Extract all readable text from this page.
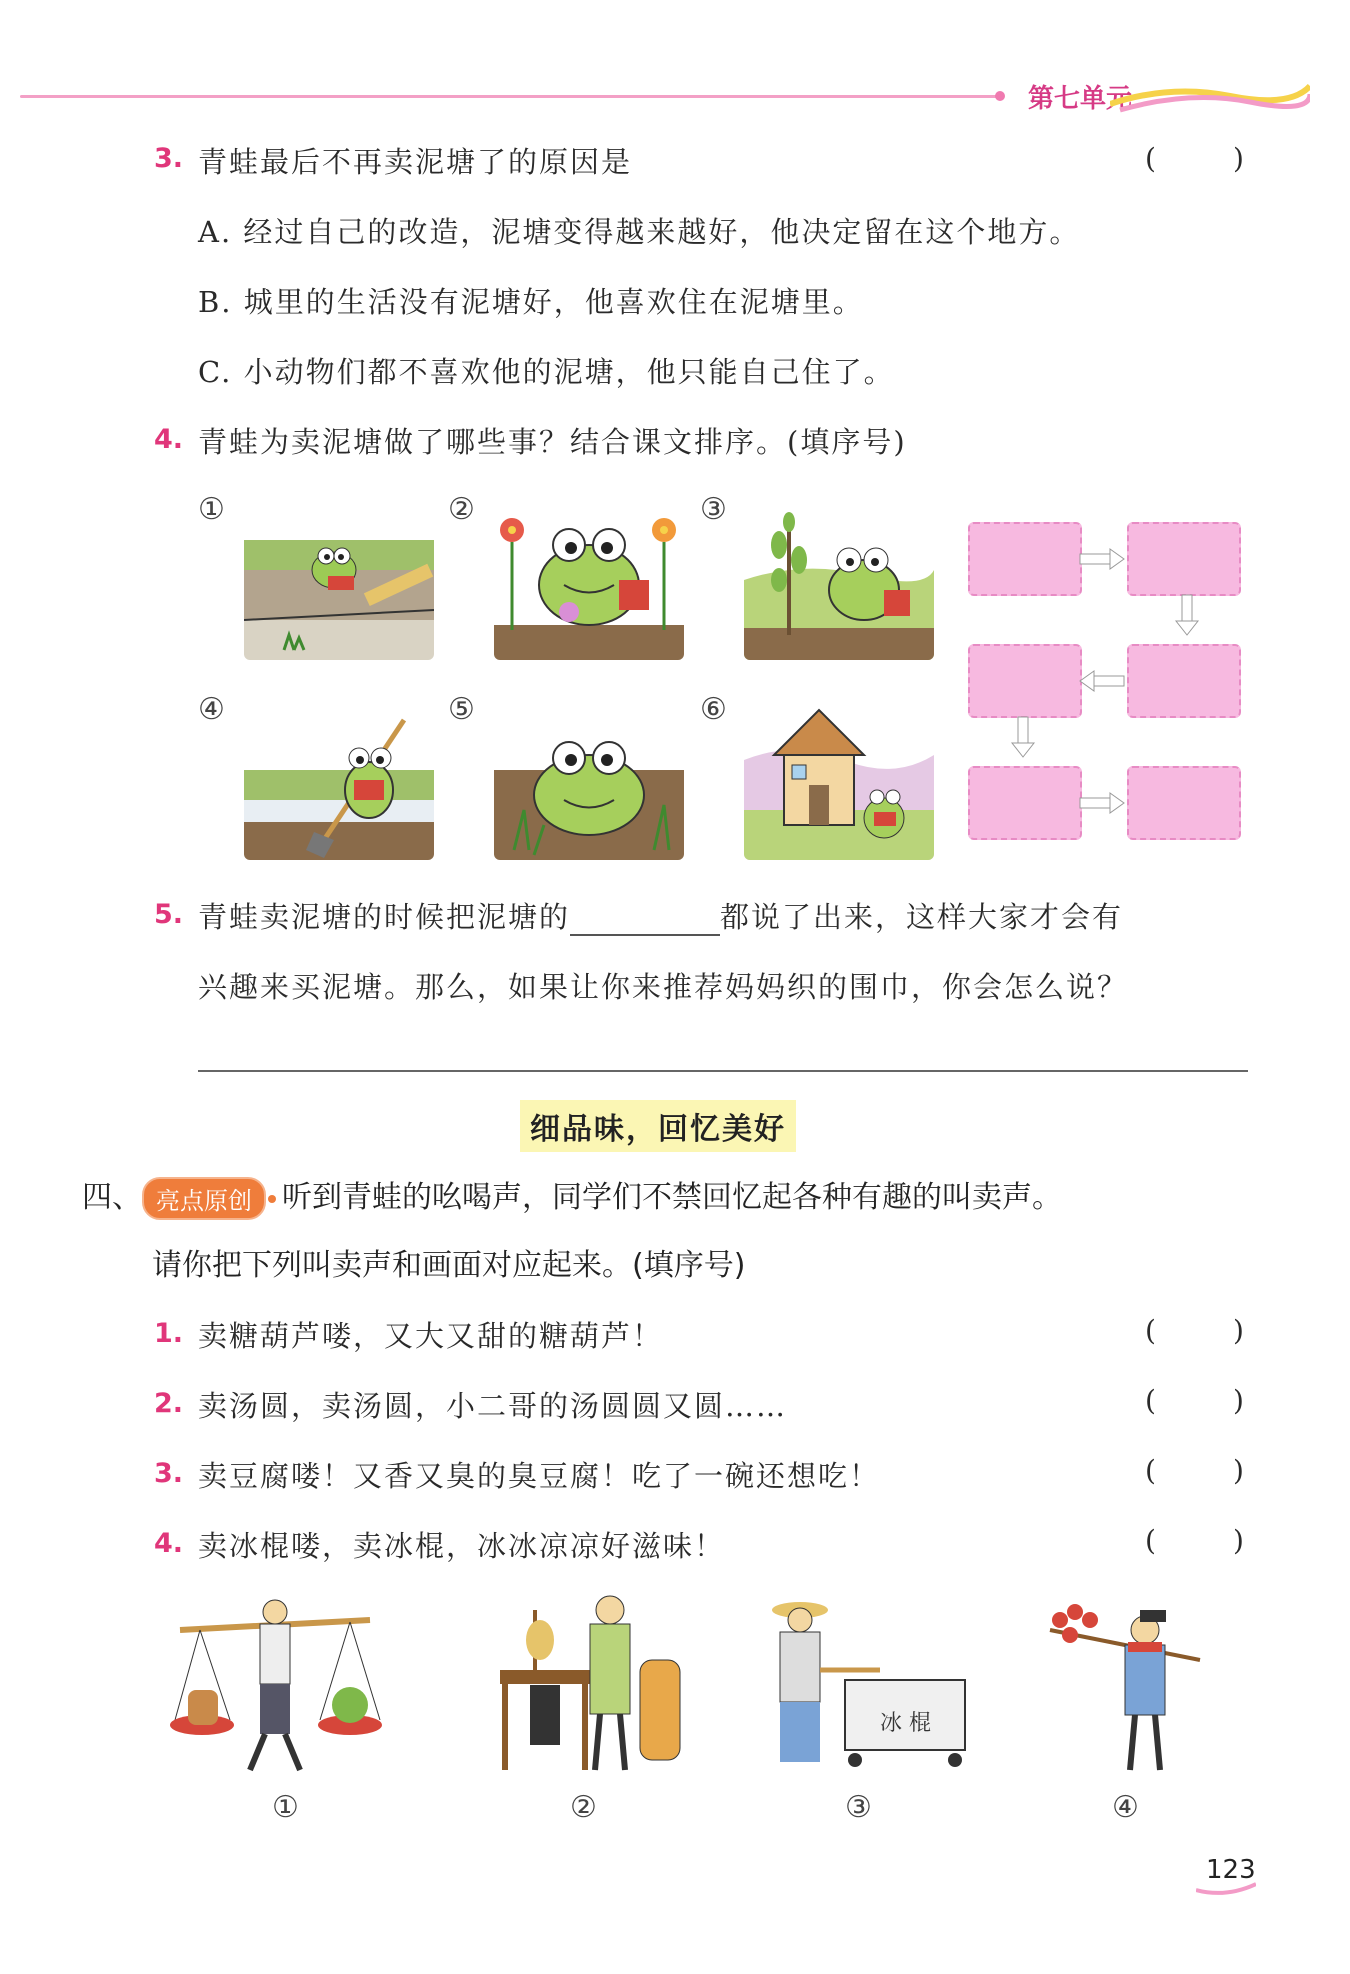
第七单元
3. 青蛙最后不再卖泥塘了的原因是	(	)
A. 经过自己的改造，泥塘变得越来越好，他决定留在这个地方。
B. 城里的生活没有泥塘好，他喜欢住在泥塘里。
C. 小动物们都不喜欢他的泥塘，他只能自己住了。
4. 青蛙为卖泥塘做了哪些事？结合课文排序。(填序号)
①	②	③
④	⑤	⑥
5. 青蛙卖泥塘的时候把泥塘的	都说了出来，这样大家才会有
兴趣来买泥塘。那么，如果让你来推荐妈妈织的围巾，你会怎么说？
细品味，回忆美好
四、 亮点原创 听到青蛙的吆喝声，同学们不禁回忆起各种有趣的叫卖声。
请你把下列叫卖声和画面对应起来。(填序号)
1. 卖糖葫芦喽，又大又甜的糖葫芦！	(	)
2. 卖汤圆，卖汤圆，小二哥的汤圆圆又圆……	(	)
3. 卖豆腐喽！又香又臭的臭豆腐！吃了一碗还想吃！	(	)
4. 卖冰棍喽，卖冰棍，冰冰凉凉好滋味！	(	)
冰 棍
①	②	③	④
123
